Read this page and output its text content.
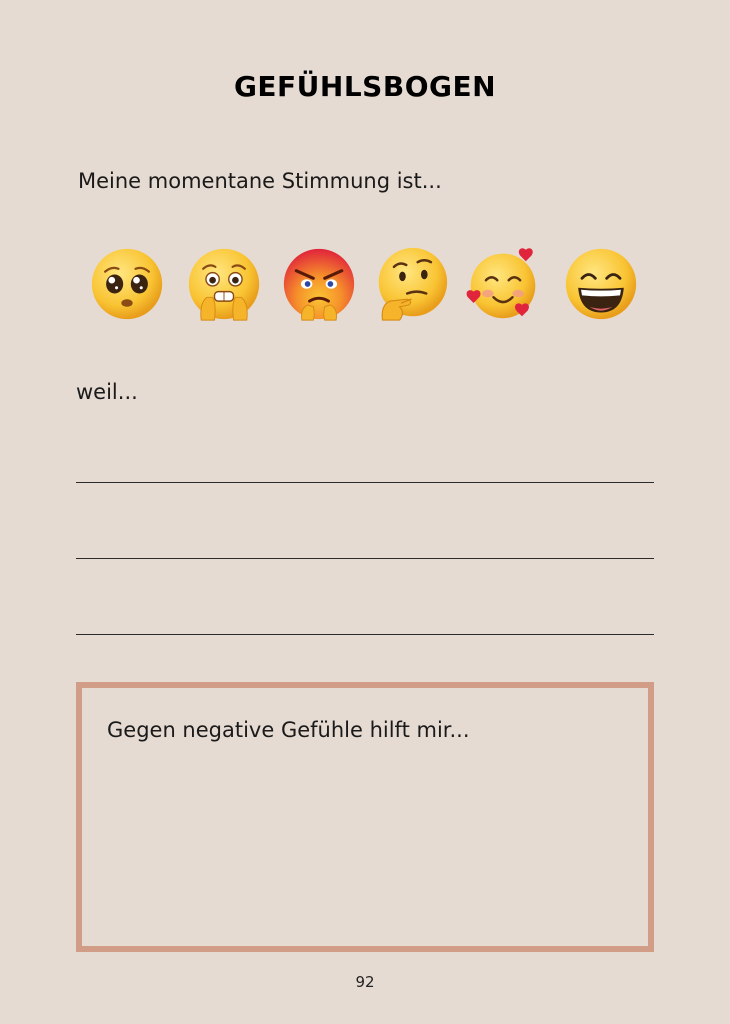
GEFÜHLSBOGEN
Meine momentane Stimmung ist...
weil...
Gegen negative Gefühle hilft mir...
92
